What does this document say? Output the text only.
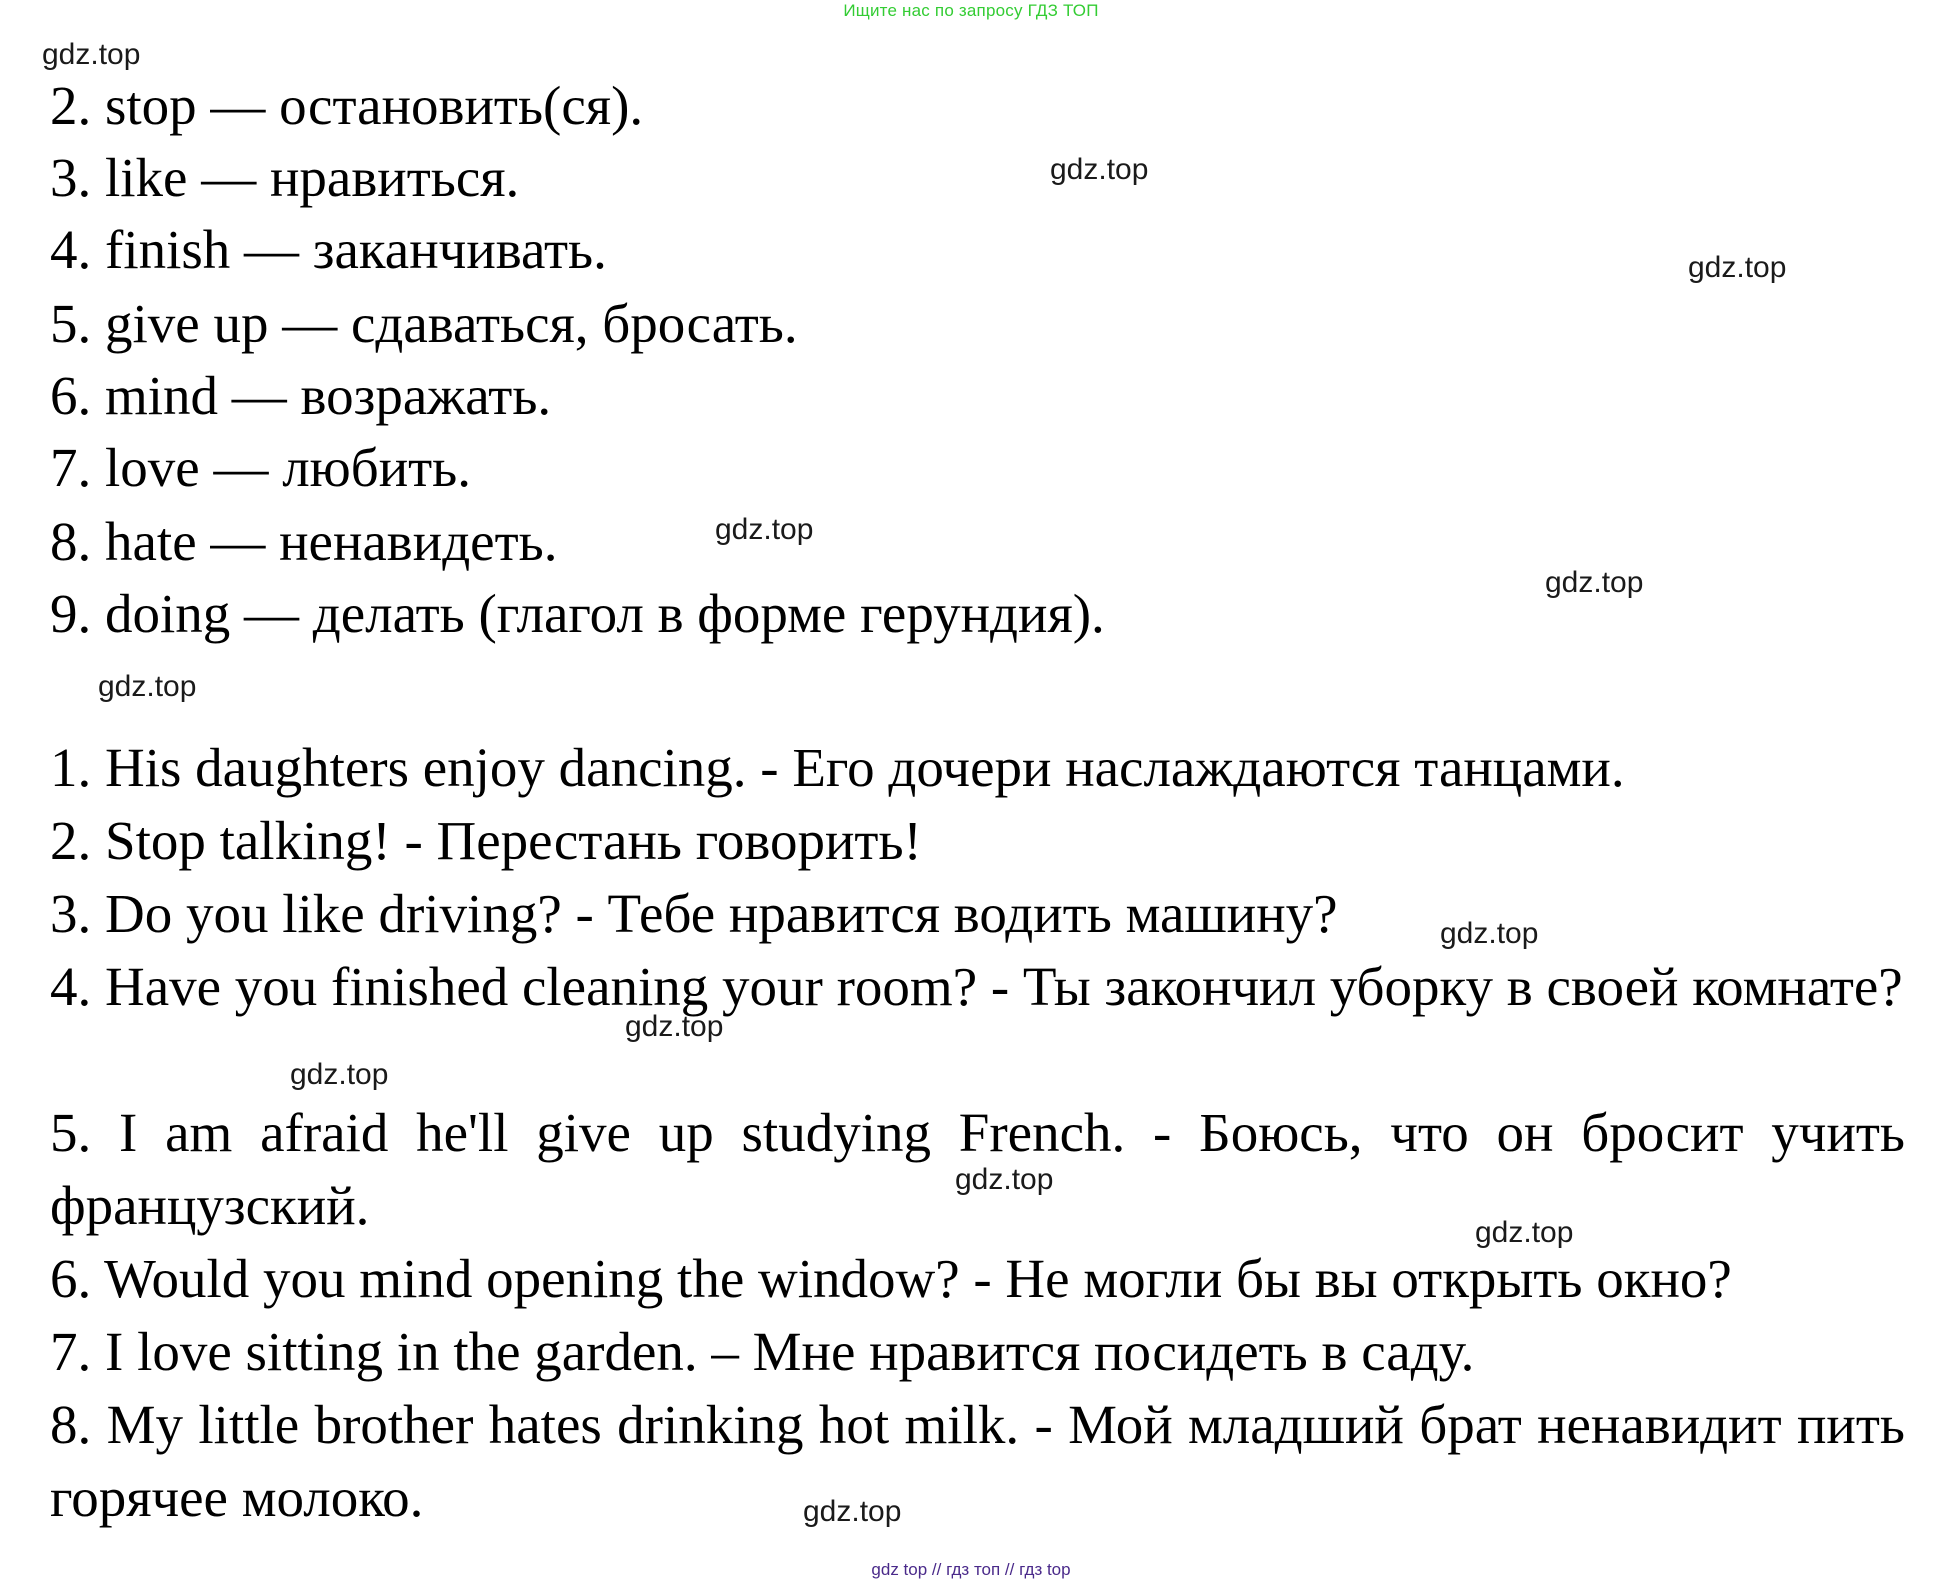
Ищите нас по запросу ГДЗ ТОП
2. stop — остановить(ся).
3. like — нравиться.
4. finish — заканчивать.
5. give up — сдаваться, бросать.
6. mind — возражать.
7. love — любить.
8. hate — ненавидеть.
9. doing — делать (глагол в форме герундия).
1. His daughters enjoy dancing. - Его дочери наслаждаются танцами.
2. Stop talking! - Перестань говорить!
3. Do you like driving? - Тебе нравится водить машину?
4. Have you finished cleaning your room? - Ты закончил уборку в своей комнате?
5. I am afraid he'll give up studying French. - Боюсь, что он бросит учить французский.
6. Would you mind opening the window? - Не могли бы вы открыть окно?
7. I love sitting in the garden. – Мне нравится посидеть в саду.
8. My little brother hates drinking hot milk. - Мой младший брат ненавидит пить горячее молоко.
gdz.top
gdz.top
gdz.top
gdz.top
gdz.top
gdz.top
gdz.top
gdz.top
gdz.top
gdz.top
gdz.top
gdz.top
gdz top // гдз топ // гдз top
